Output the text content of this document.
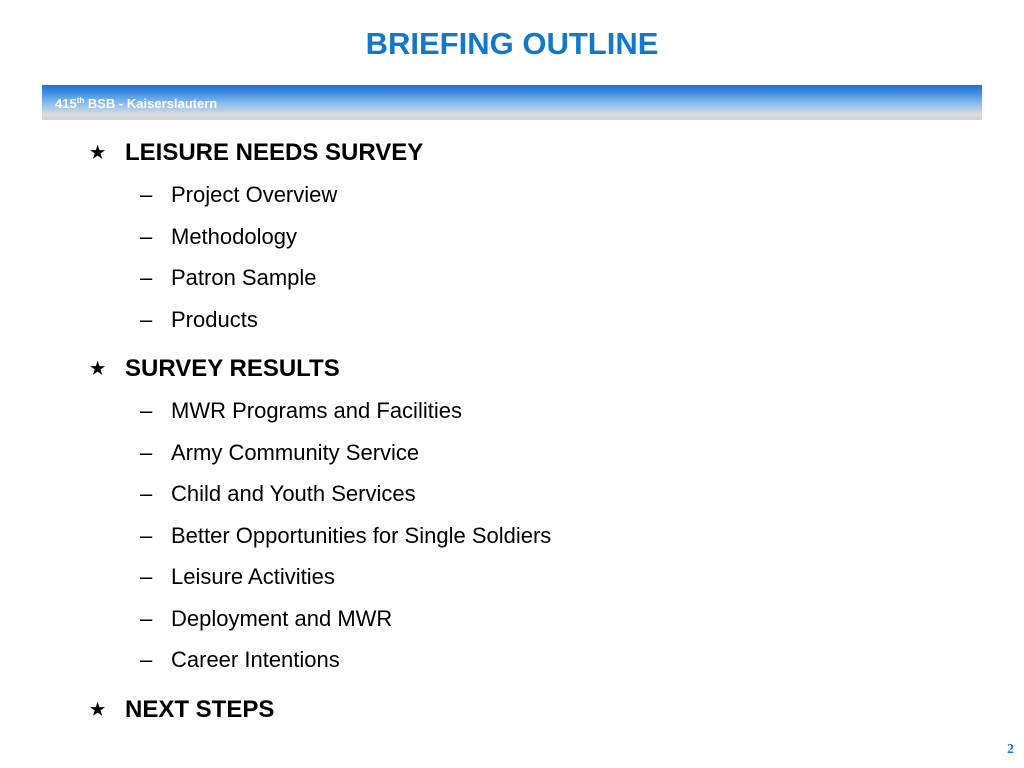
BRIEFING OUTLINE
415th BSB - Kaiserslautern
★ LEISURE NEEDS SURVEY
– Project Overview
– Methodology
– Patron Sample
– Products
★ SURVEY RESULTS
– MWR Programs and Facilities
– Army Community Service
– Child and Youth Services
– Better Opportunities for Single Soldiers
– Leisure Activities
– Deployment and MWR
– Career Intentions
★ NEXT STEPS
2
